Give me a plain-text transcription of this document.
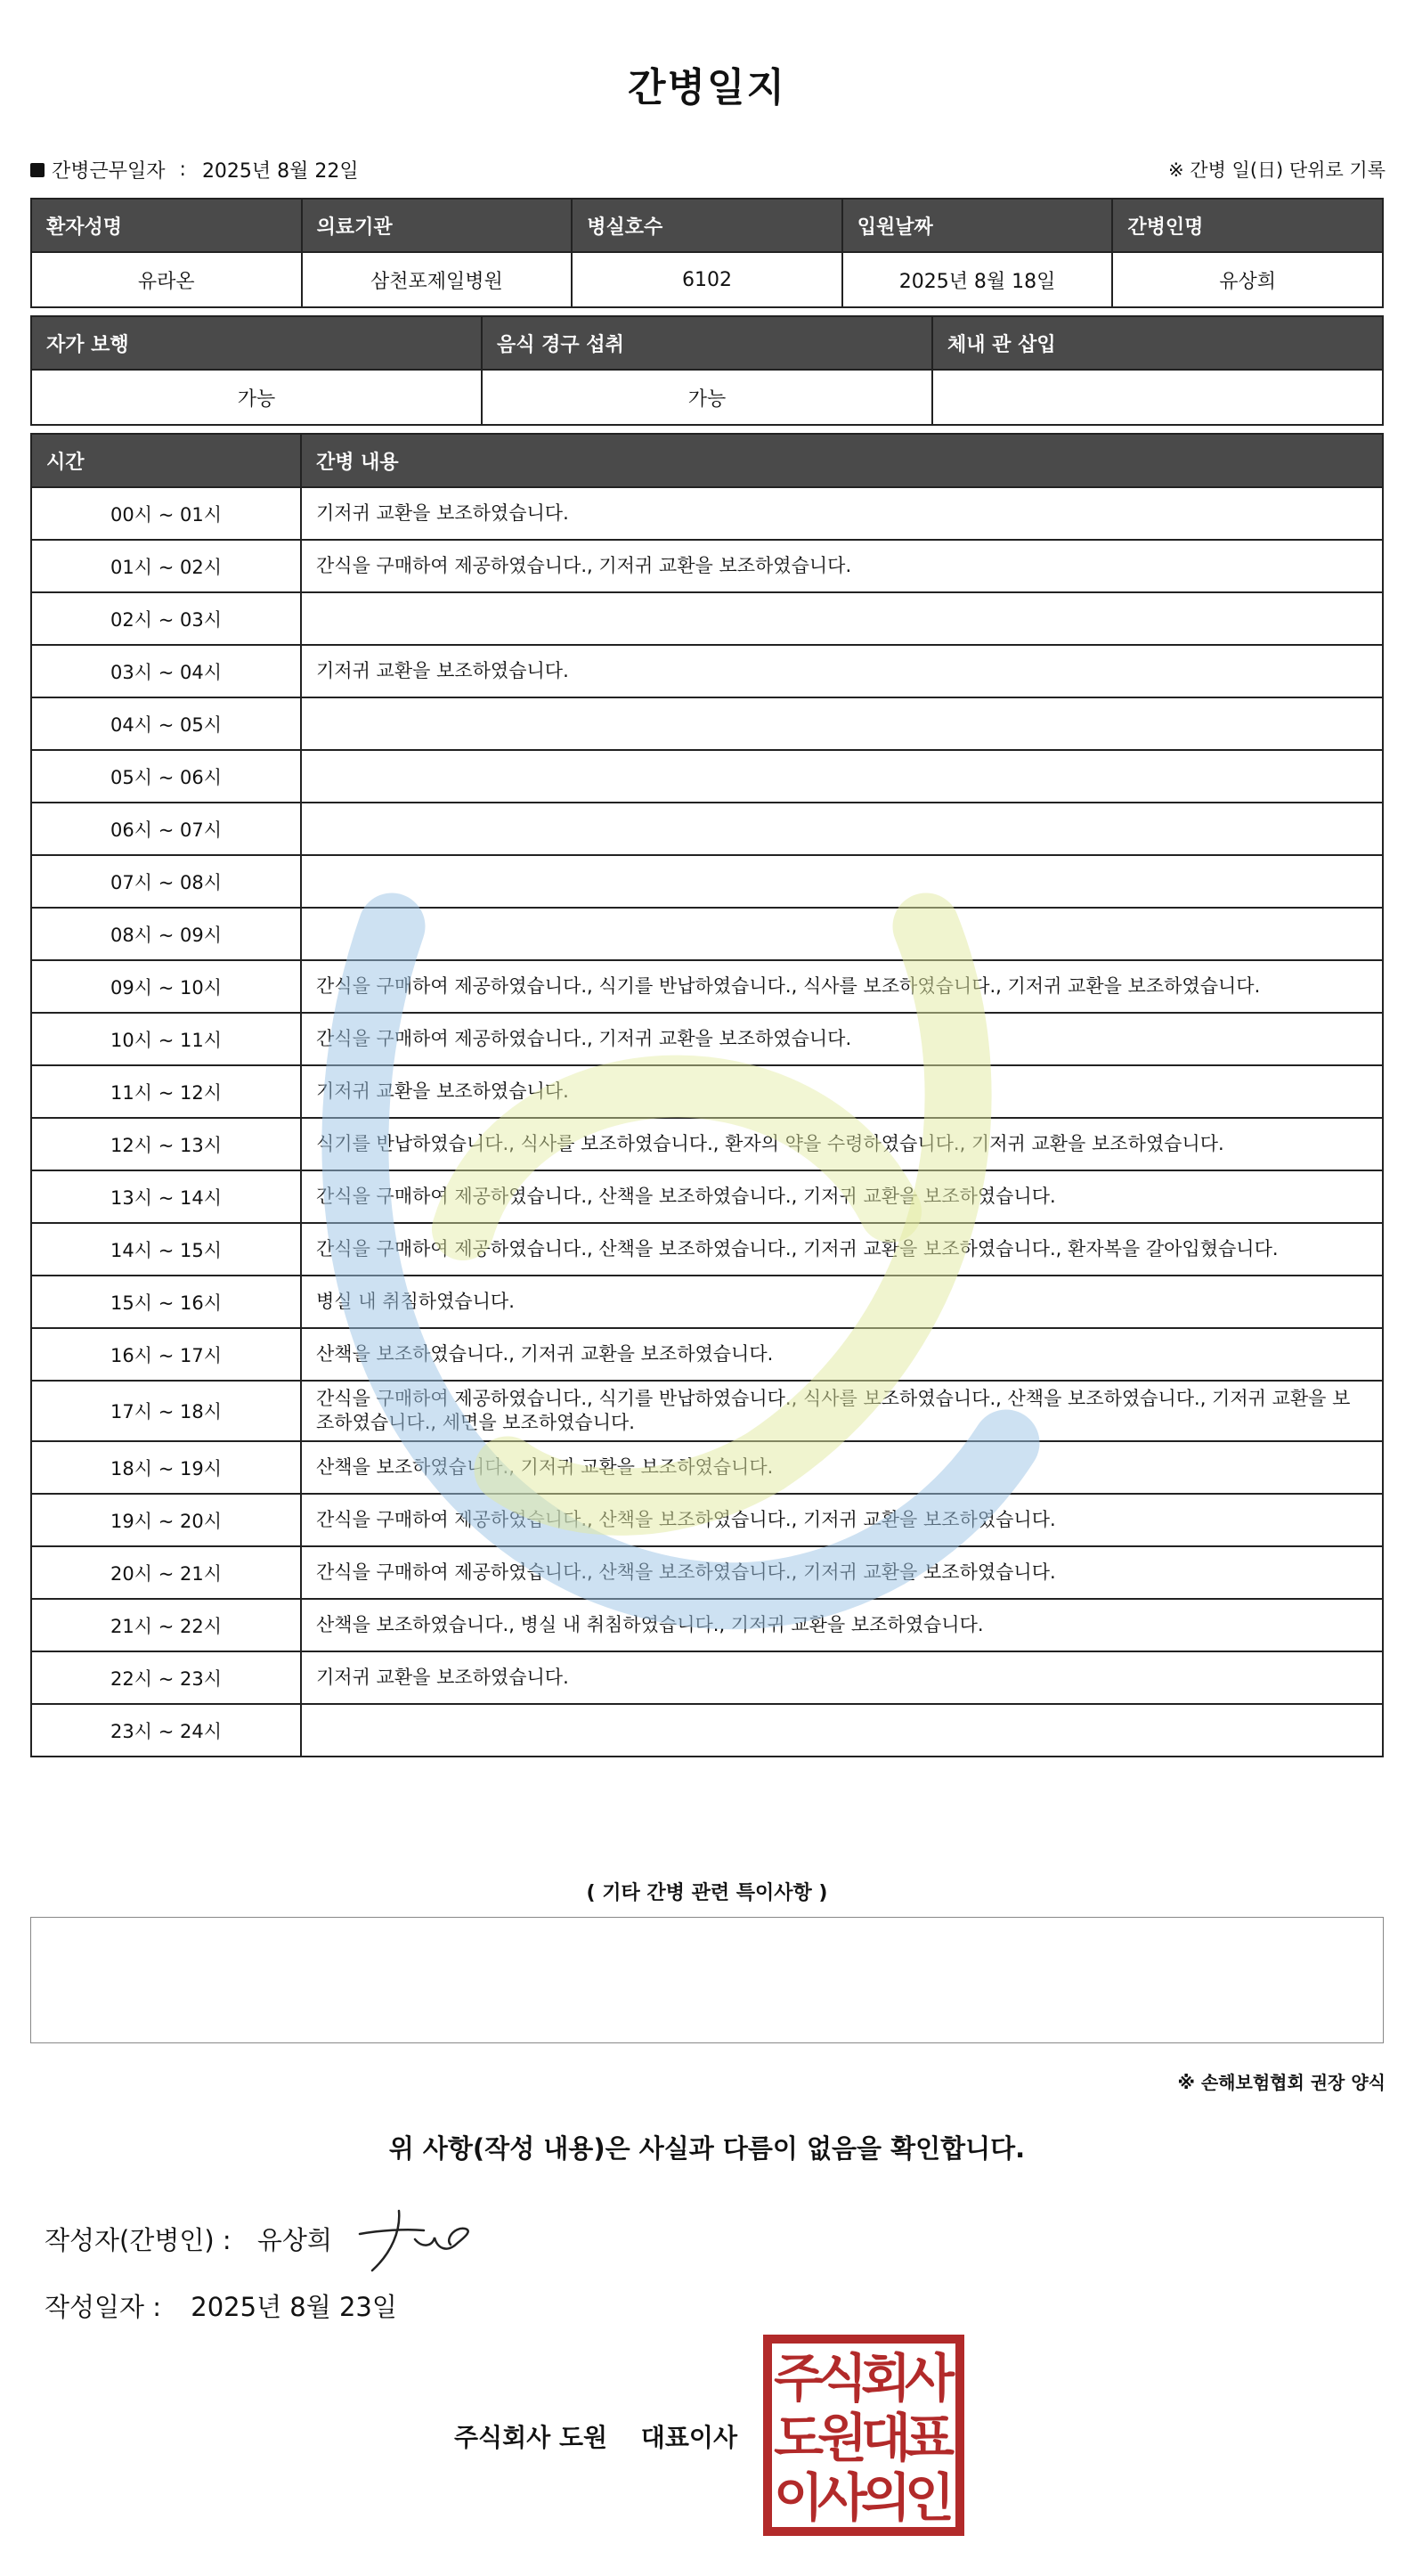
간병일지
간병근무일자 : 2025년 8월 22일	※ 간병 일(日) 단위로 기록
환자성명	의료기관	병실호수	입원날짜	간병인명
유라온	삼천포제일병원	6102	2025년 8월 18일	유상희
자가 보행	음식 경구 섭취	체내 관 삽입
가능	가능	
시간	간병 내용
00시 ~ 01시	기저귀 교환을 보조하였습니다.
01시 ~ 02시	간식을 구매하여 제공하였습니다., 기저귀 교환을 보조하였습니다.
02시 ~ 03시	
03시 ~ 04시	기저귀 교환을 보조하였습니다.
04시 ~ 05시	
05시 ~ 06시	
06시 ~ 07시	
07시 ~ 08시	
08시 ~ 09시	
09시 ~ 10시	간식을 구매하여 제공하였습니다., 식기를 반납하였습니다., 식사를 보조하였습니다., 기저귀 교환을 보조하였습니다.
10시 ~ 11시	간식을 구매하여 제공하였습니다., 기저귀 교환을 보조하였습니다.
11시 ~ 12시	기저귀 교환을 보조하였습니다.
12시 ~ 13시	식기를 반납하였습니다., 식사를 보조하였습니다., 환자의 약을 수령하였습니다., 기저귀 교환을 보조하였습니다.
13시 ~ 14시	간식을 구매하여 제공하였습니다., 산책을 보조하였습니다., 기저귀 교환을 보조하였습니다.
14시 ~ 15시	간식을 구매하여 제공하였습니다., 산책을 보조하였습니다., 기저귀 교환을 보조하였습니다., 환자복을 갈아입혔습니다.
15시 ~ 16시	병실 내 취침하였습니다.
16시 ~ 17시	산책을 보조하였습니다., 기저귀 교환을 보조하였습니다.
17시 ~ 18시	간식을 구매하여 제공하였습니다., 식기를 반납하였습니다., 식사를 보조하였습니다., 산책을 보조하였습니다., 기저귀 교환을 보조하였습니다., 세면을 보조하였습니다.
18시 ~ 19시	산책을 보조하였습니다., 기저귀 교환을 보조하였습니다.
19시 ~ 20시	간식을 구매하여 제공하였습니다., 산책을 보조하였습니다., 기저귀 교환을 보조하였습니다.
20시 ~ 21시	간식을 구매하여 제공하였습니다., 산책을 보조하였습니다., 기저귀 교환을 보조하였습니다.
21시 ~ 22시	산책을 보조하였습니다., 병실 내 취침하였습니다., 기저귀 교환을 보조하였습니다.
22시 ~ 23시	기저귀 교환을 보조하였습니다.
23시 ~ 24시	
( 기타 간병 관련 특이사항 )
※ 손해보험협회 권장 양식
위 사항(작성 내용)은 사실과 다름이 없음을 확인합니다.
작성자(간병인) : 유상희
작성일자 : 2025년 8월 23일
주식회사 도원 대표이사
주
식
회
사
도
원
대
표
이
사
의
인
